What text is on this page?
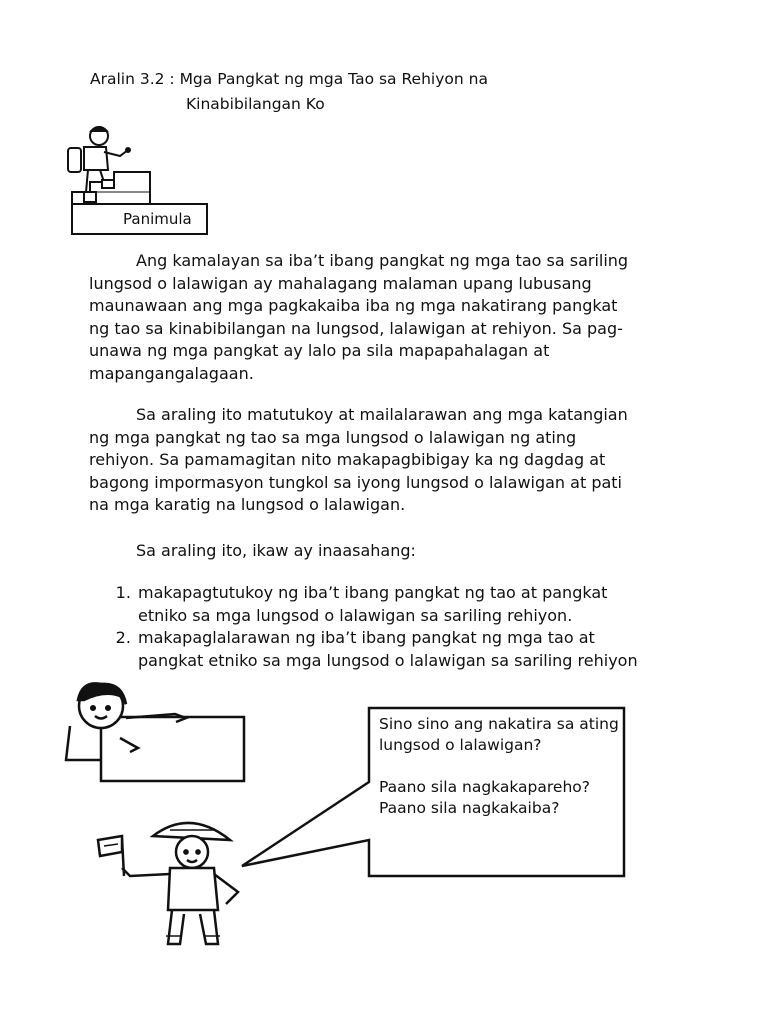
Aralin 3.2 : Mga Pangkat ng mga Tao sa Rehiyon na
Kinabibilangan Ko
Panimula

Ang kamalayan sa iba’t ibang pangkat ng mga tao sa sariling
lungsod o lalawigan ay mahalagang malaman upang lubusang
maunawaan ang mga pagkakaiba iba ng mga nakatirang pangkat
ng tao sa kinabibilangan na lungsod, lalawigan at rehiyon. Sa pag-
unawa ng mga pangkat ay lalo pa sila mapapahalagan at
mapangangalagaan.

Sa araling ito matutukoy at mailalarawan ang mga katangian
ng mga pangkat ng tao sa mga lungsod o lalawigan ng ating
rehiyon. Sa pamamagitan nito makapagbibigay ka ng dagdag at
bagong impormasyon tungkol sa iyong lungsod o lalawigan at pati
na mga karatig na lungsod o lalawigan.

Sa araling ito, ikaw ay inaasahang:

1. makapagtutukoy ng iba’t ibang pangkat ng tao at pangkat
etniko sa mga lungsod o lalawigan sa sariling rehiyon.
2. makapaglalarawan ng iba’t ibang pangkat ng mga tao at
pangkat etniko sa mga lungsod o lalawigan sa sariling rehiyon

Sino sino ang nakatira sa ating lungsod o lalawigan?

Paano sila nagkakapareho? Paano sila nagkakaiba?
